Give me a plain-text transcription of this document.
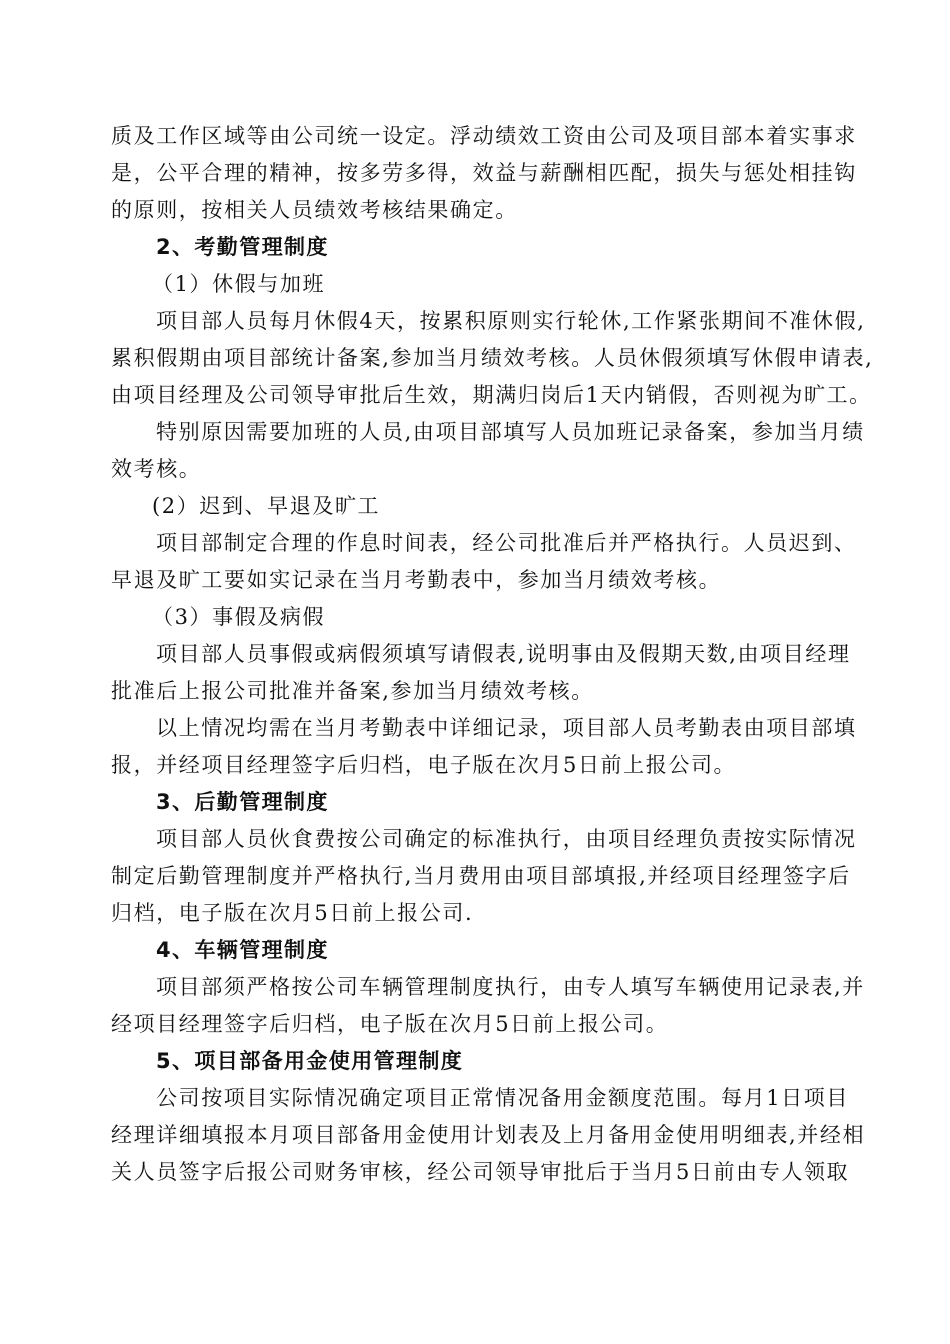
质及工作区域等由公司统一设定。浮动绩效工资由公司及项目部本着实事求
是，公平合理的精神，按多劳多得，效益与薪酬相匹配，损失与惩处相挂钩
的原则，按相关人员绩效考核结果确定。
2、考勤管理制度
（1）休假与加班
项目部人员每月休假4天，按累积原则实行轮休,工作紧张期间不准休假,
累积假期由项目部统计备案,参加当月绩效考核。人员休假须填写休假申请表,
由项目经理及公司领导审批后生效，期满归岗后1天内销假，否则视为旷工。
特别原因需要加班的人员,由项目部填写人员加班记录备案，参加当月绩
效考核。
(2）迟到、早退及旷工
项目部制定合理的作息时间表，经公司批准后并严格执行。人员迟到、
早退及旷工要如实记录在当月考勤表中，参加当月绩效考核。
（3）事假及病假
项目部人员事假或病假须填写请假表,说明事由及假期天数,由项目经理
批准后上报公司批准并备案,参加当月绩效考核。
以上情况均需在当月考勤表中详细记录，项目部人员考勤表由项目部填
报，并经项目经理签字后归档，电子版在次月5日前上报公司。
3、后勤管理制度
项目部人员伙食费按公司确定的标准执行，由项目经理负责按实际情况
制定后勤管理制度并严格执行,当月费用由项目部填报,并经项目经理签字后
归档，电子版在次月5日前上报公司.
4、车辆管理制度
项目部须严格按公司车辆管理制度执行，由专人填写车辆使用记录表,并
经项目经理签字后归档，电子版在次月5日前上报公司。
5、项目部备用金使用管理制度
公司按项目实际情况确定项目正常情况备用金额度范围。每月1日项目
经理详细填报本月项目部备用金使用计划表及上月备用金使用明细表,并经相
关人员签字后报公司财务审核，经公司领导审批后于当月5日前由专人领取
